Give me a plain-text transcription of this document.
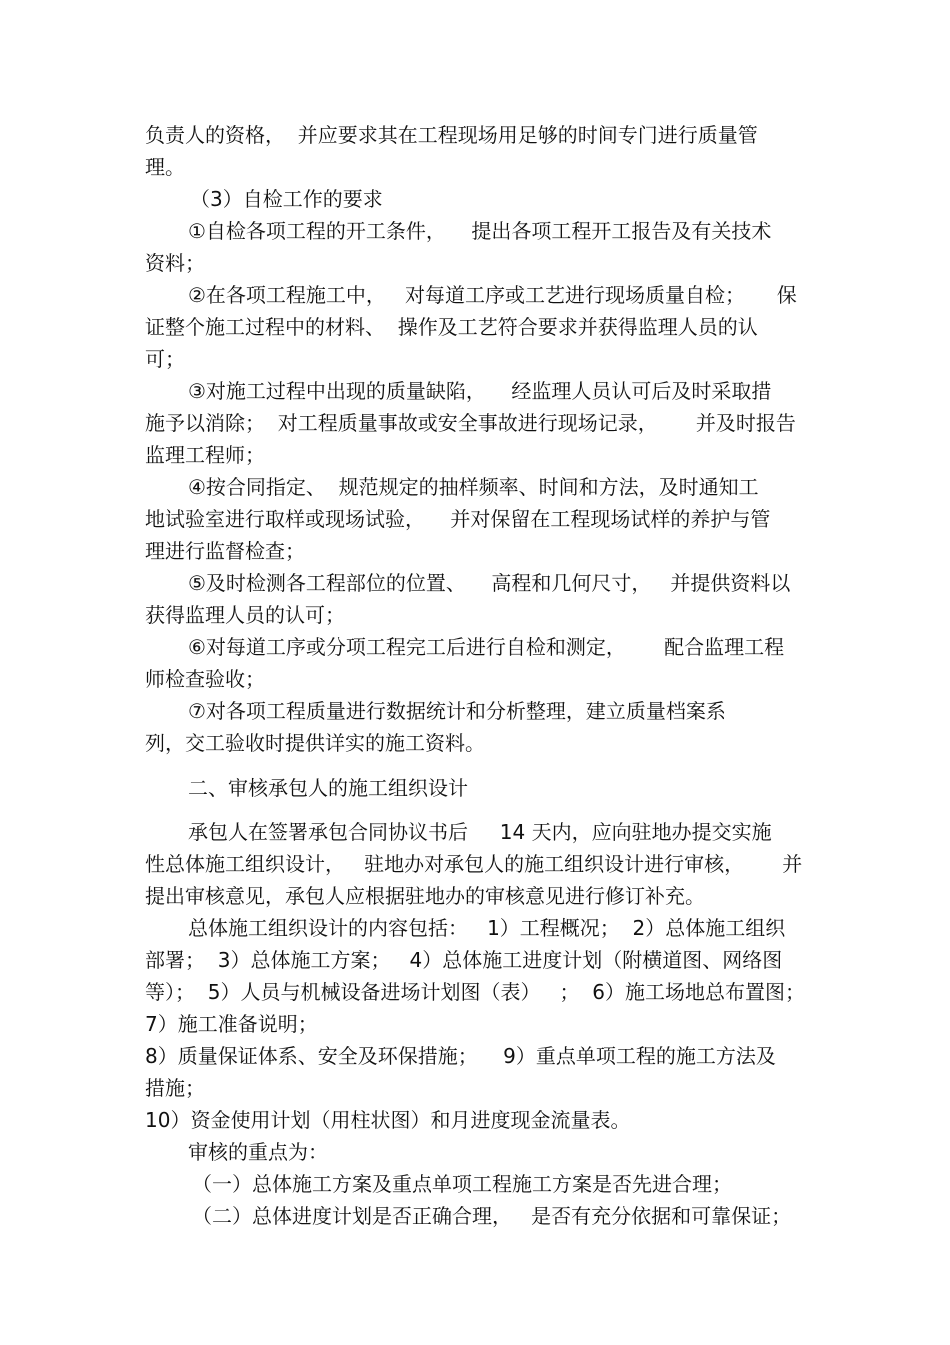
负责人的资格，  并应要求其在工程现场用足够的时间专门进行质量管
理。
（3）自检工作的要求
①自检各项工程的开工条件，    提出各项工程开工报告及有关技术
资料；
②在各项工程施工中，   对每道工序或工艺进行现场质量自检；     保
证整个施工过程中的材料、  操作及工艺符合要求并获得监理人员的认
可；
③对施工过程中出现的质量缺陷，    经监理人员认可后及时采取措
施予以消除；  对工程质量事故或安全事故进行现场记录，      并及时报告
监理工程师；
④按合同指定、  规范规定的抽样频率、时间和方法，及时通知工
地试验室进行取样或现场试验，    并对保留在工程现场试样的养护与管
理进行监督检查；
⑤及时检测各工程部位的位置、    高程和几何尺寸，   并提供资料以
获得监理人员的认可；
⑥对每道工序或分项工程完工后进行自检和测定，      配合监理工程
师检查验收；
⑦对各项工程质量进行数据统计和分析整理，建立质量档案系
列，交工验收时提供详实的施工资料。
二、审核承包人的施工组织设计
承包人在签署承包合同协议书后     14 天内，应向驻地办提交实施
性总体施工组织设计，   驻地办对承包人的施工组织设计进行审核，      并
提出审核意见，承包人应根据驻地办的审核意见进行修订补充。
总体施工组织设计的内容包括：   1）工程概况；  2）总体施工组织
部署；  3）总体施工方案；   4）总体施工进度计划（附横道图、网络图
等）；  5）人员与机械设备进场计划图（表）   ；  6）施工场地总布置图；
7）施工准备说明；
8）质量保证体系、安全及环保措施；    9）重点单项工程的施工方法及
措施；
10）资金使用计划（用柱状图）和月进度现金流量表。
审核的重点为：
（一）总体施工方案及重点单项工程施工方案是否先进合理；
（二）总体进度计划是否正确合理，   是否有充分依据和可靠保证；
